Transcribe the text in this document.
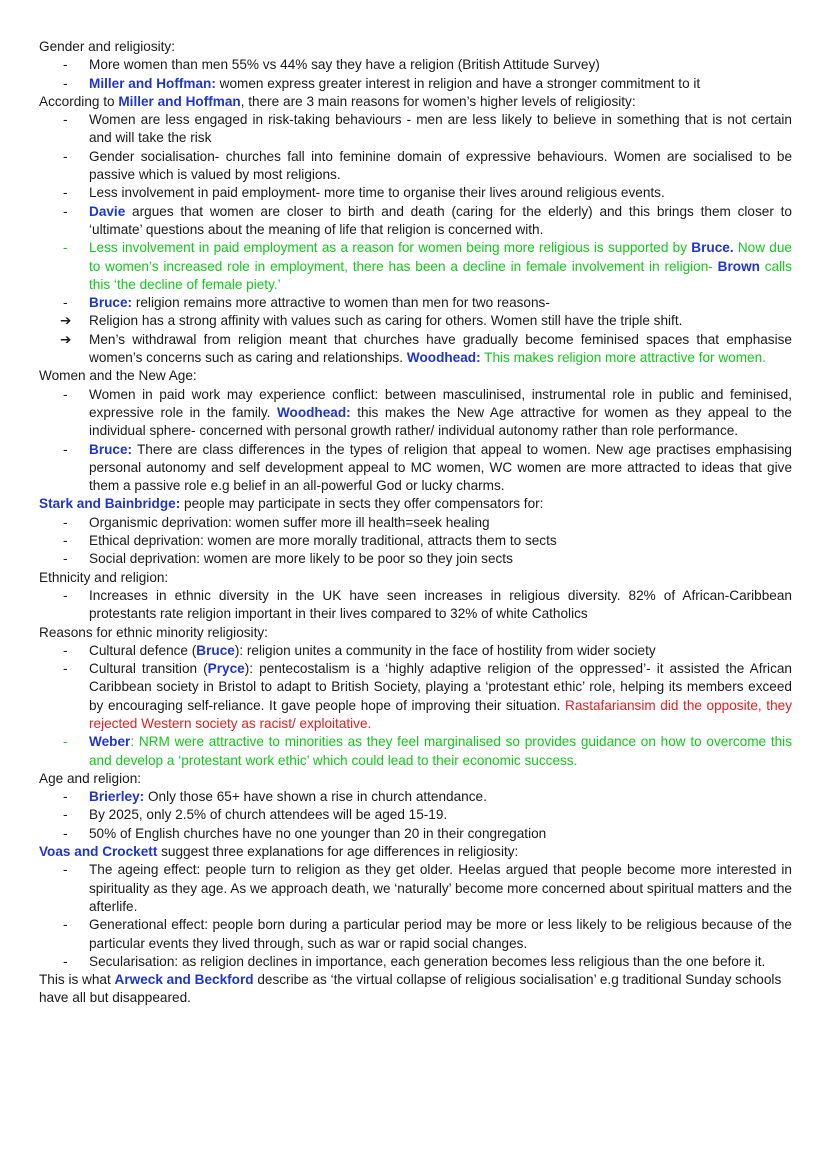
Gender and religiosity:

- More women than men 55% vs 44% say they have a religion (British Attitude Survey)

- Miller and Hoffman: women express greater interest in religion and have a stronger commitment to it

According to Miller and Hoffman, there are 3 main reasons for women’s higher levels of religiosity:

- Women are less engaged in risk-taking behaviours - men are less likely to believe in something that is not certain and will take the risk

- Gender socialisation- churches fall into feminine domain of expressive behaviours. Women are socialised to be passive which is valued by most religions.

- Less involvement in paid employment- more time to organise their lives around religious events.

- Davie argues that women are closer to birth and death (caring for the elderly) and this brings them closer to ‘ultimate’ questions about the meaning of life that religion is concerned with.

- Less involvement in paid employment as a reason for women being more religious is supported by Bruce. Now due to women’s increased role in employment, there has been a decline in female involvement in religion- Brown calls this ‘the decline of female piety.’

- Bruce: religion remains more attractive to women than men for two reasons-

➔ Religion has a strong affinity with values such as caring for others. Women still have the triple shift.

➔ Men’s withdrawal from religion meant that churches have gradually become feminised spaces that emphasise women’s concerns such as caring and relationships. Woodhead: This makes religion more attractive for women.

Women and the New Age:

- Women in paid work may experience conflict: between masculinised, instrumental role in public and feminised, expressive role in the family. Woodhead: this makes the New Age attractive for women as they appeal to the individual sphere- concerned with personal growth rather/ individual autonomy rather than role performance.

- Bruce: There are class differences in the types of religion that appeal to women. New age practises emphasising personal autonomy and self development appeal to MC women, WC women are more attracted to ideas that give them a passive role e.g belief in an all-powerful God or lucky charms.

Stark and Bainbridge: people may participate in sects they offer compensators for:

- Organismic deprivation: women suffer more ill health=seek healing

- Ethical deprivation: women are more morally traditional, attracts them to sects

- Social deprivation: women are more likely to be poor so they join sects

Ethnicity and religion:

- Increases in ethnic diversity in the UK have seen increases in religious diversity. 82% of African-Caribbean protestants rate religion important in their lives compared to 32% of white Catholics

Reasons for ethnic minority religiosity:

- Cultural defence (Bruce): religion unites a community in the face of hostility from wider society

- Cultural transition (Pryce): pentecostalism is a ‘highly adaptive religion of the oppressed’- it assisted the African Caribbean society in Bristol to adapt to British Society, playing a ‘protestant ethic’ role, helping its members exceed by encouraging self-reliance. It gave people hope of improving their situation. Rastafariansim did the opposite, they rejected Western society as racist/ exploitative.

- Weber: NRM were attractive to minorities as they feel marginalised so provides guidance on how to overcome this and develop a ‘protestant work ethic’ which could lead to their economic success.

Age and religion:

- Brierley: Only those 65+ have shown a rise in church attendance.

- By 2025, only 2.5% of church attendees will be aged 15-19.

- 50% of English churches have no one younger than 20 in their congregation

Voas and Crockett suggest three explanations for age differences in religiosity:

- The ageing effect: people turn to religion as they get older. Heelas argued that people become more interested in spirituality as they age. As we approach death, we ‘naturally’ become more concerned about spiritual matters and the afterlife.

- Generational effect: people born during a particular period may be more or less likely to be religious because of the particular events they lived through, such as war or rapid social changes.

- Secularisation: as religion declines in importance, each generation becomes less religious than the one before it.

This is what Arweck and Beckford describe as ‘the virtual collapse of religious socialisation’ e.g traditional Sunday schools have all but disappeared.
